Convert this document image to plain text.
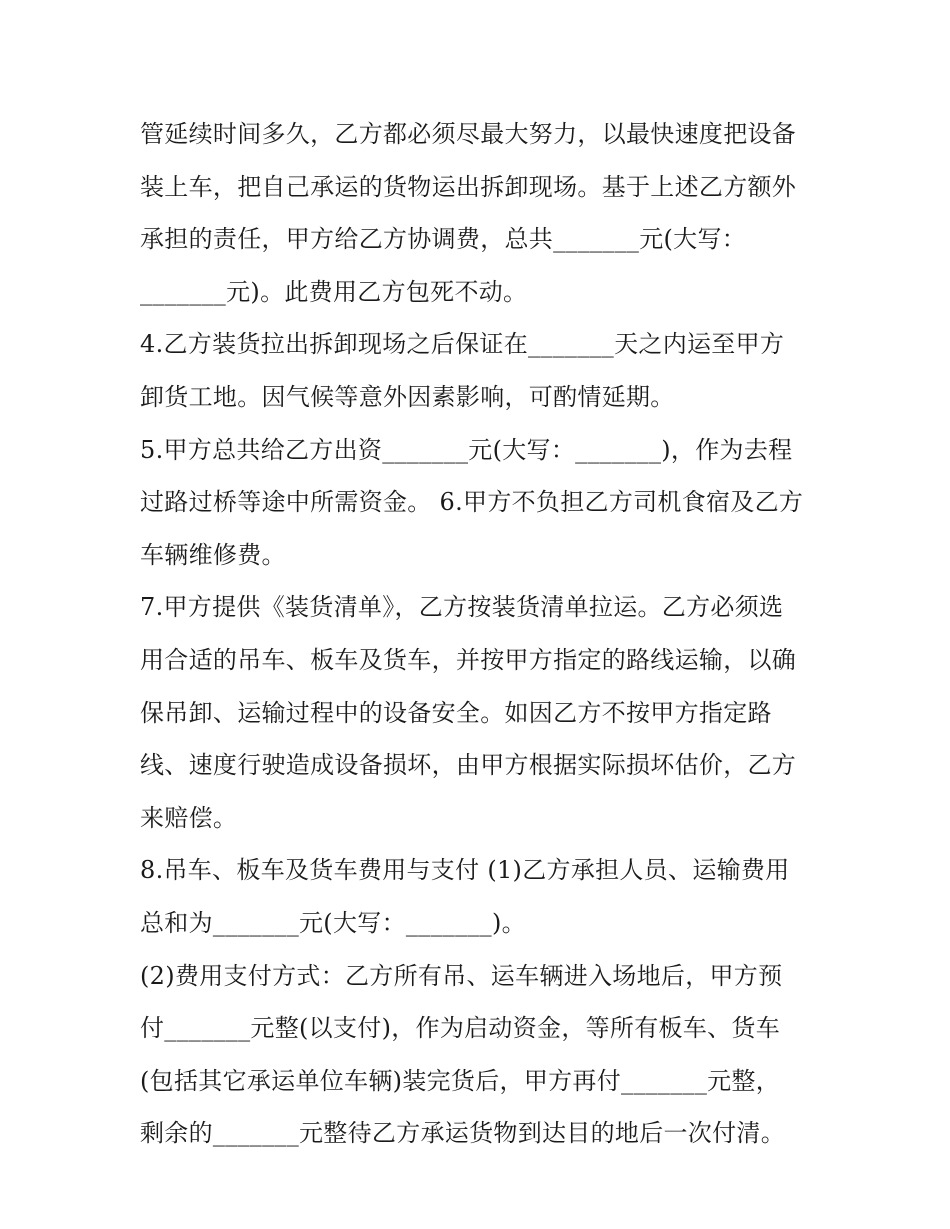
管延续时间多久，乙方都必须尽最大努力，以最快速度把设备
装上车，把自己承运的货物运出拆卸现场。基于上述乙方额外
承担的责任，甲方给乙方协调费，总共_______元(大写：
_______元)。此费用乙方包死不动。
4.乙方装货拉出拆卸现场之后保证在_______天之内运至甲方
卸货工地。因气候等意外因素影响，可酌情延期。
5.甲方总共给乙方出资_______元(大写：_______)，作为去程
过路过桥等途中所需资金。 6.甲方不负担乙方司机食宿及乙方
车辆维修费。
7.甲方提供《装货清单》，乙方按装货清单拉运。乙方必须选
用合适的吊车、板车及货车，并按甲方指定的路线运输，以确
保吊卸、运输过程中的设备安全。如因乙方不按甲方指定路
线、速度行驶造成设备损坏，由甲方根据实际损坏估价，乙方
来赔偿。
8.吊车、板车及货车费用与支付 (1)乙方承担人员、运输费用
总和为_______元(大写：_______)。
(2)费用支付方式：乙方所有吊、运车辆进入场地后，甲方预
付_______元整(以支付)，作为启动资金，等所有板车、货车
(包括其它承运单位车辆)装完货后，甲方再付_______元整，
剩余的_______元整待乙方承运货物到达目的地后一次付清。
